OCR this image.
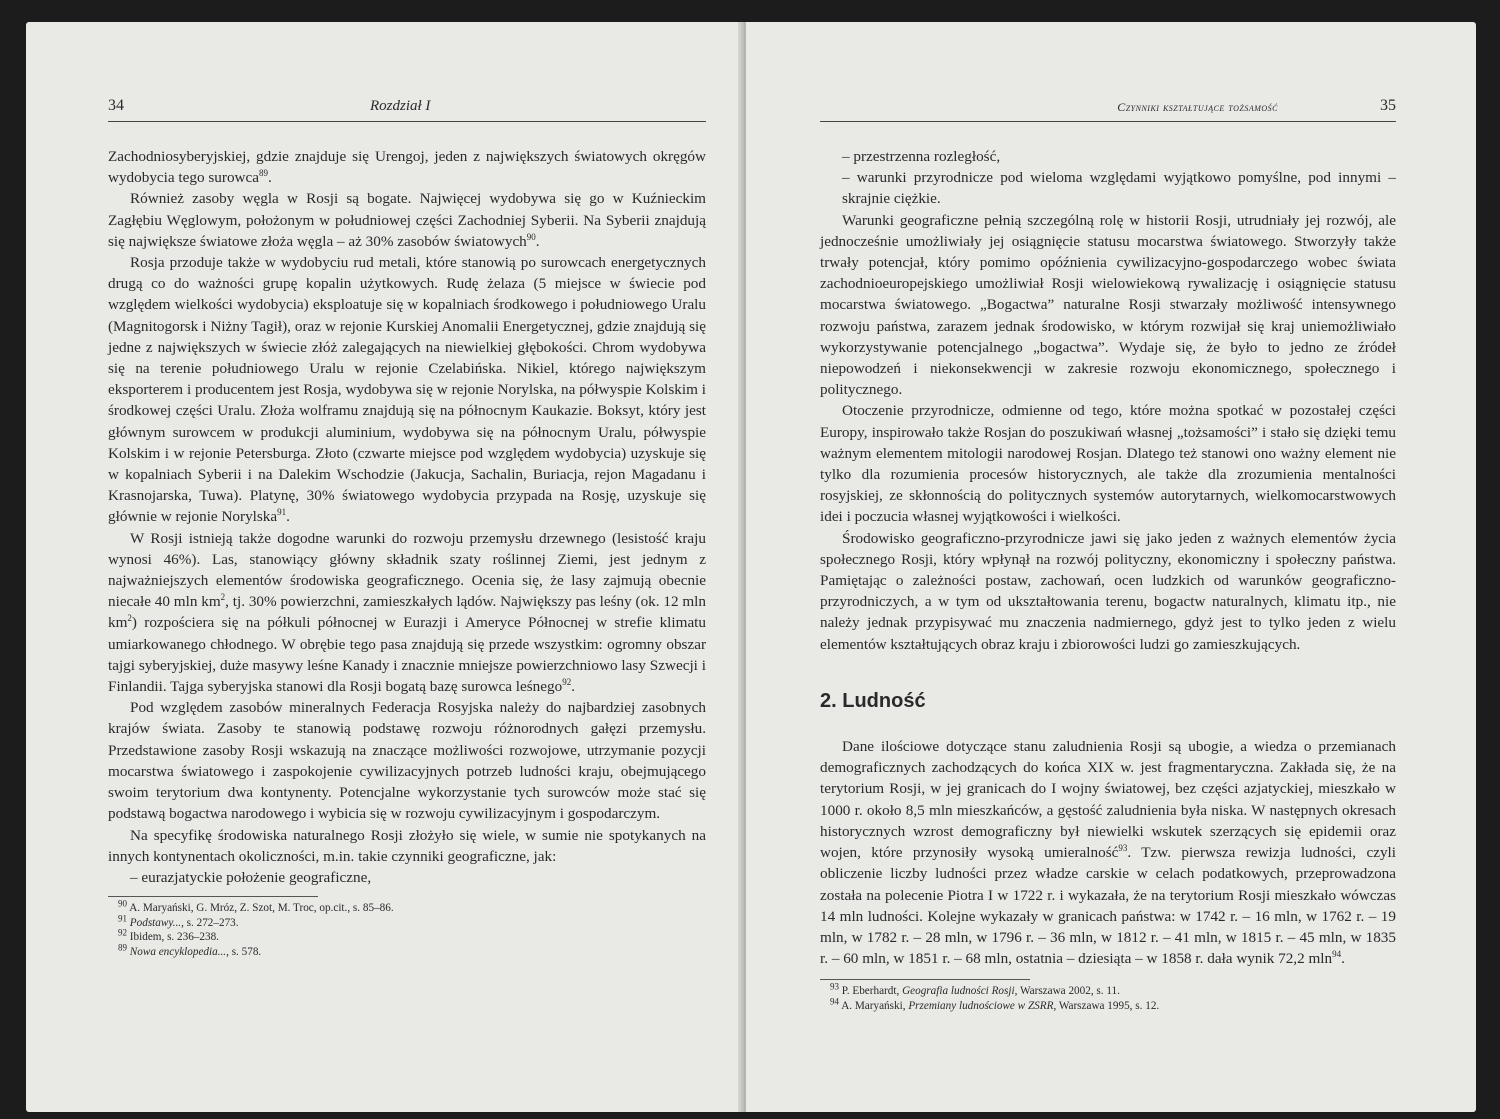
34	Rozdział I

Zachodniosyberyjskiej, gdzie znajduje się Urengoj, jeden z największych światowych okręgów wydobycia tego surowca$^{89}$.

Również zasoby węgla w Rosji są bogate. Najwięcej wydobywa się go w Kuźnieckim Zagłębiu Węglowym, położonym w południowej części Zachodniej Syberii. Na Syberii znajdują się największe światowe złoża węgla – aż 30% zasobów światowych$^{90}$.

Rosja przoduje także w wydobyciu rud metali, które stanowią po surowcach energetycznych drugą co do ważności grupę kopalin użytkowych. Rudę żelaza (5 miejsce w świecie pod względem wielkości wydobycia) eksploatuje się w kopalniach środkowego i południowego Uralu (Magnitogorsk i Niżny Tagił), oraz w rejonie Kurskiej Anomalii Energetycznej, gdzie znajdują się jedne z największych w świecie złóż zalegających na niewielkiej głębokości. Chrom wydobywa się na terenie południowego Uralu w rejonie Czelabińska. Nikiel, którego największym eksporterem i producentem jest Rosja, wydobywa się w rejonie Norylska, na półwyspie Kolskim i środkowej części Uralu. Złoża wolframu znajdują się na północnym Kaukazie. Boksyt, który jest głównym surowcem w produkcji aluminium, wydobywa się na północnym Uralu, półwyspie Kolskim i w rejonie Petersburga. Złoto (czwarte miejsce pod względem wydobycia) uzyskuje się w kopalniach Syberii i na Dalekim Wschodzie (Jakucja, Sachalin, Buriacja, rejon Magadanu i Krasnojarska, Tuwa). Platynę, 30% światowego wydobycia przypada na Rosję, uzyskuje się głównie w rejonie Norylska$^{91}$.

W Rosji istnieją także dogodne warunki do rozwoju przemysłu drzewnego (lesistość kraju wynosi 46%). Las, stanowiący główny składnik szaty roślinnej Ziemi, jest jednym z najważniejszych elementów środowiska geograficznego. Ocenia się, że lasy zajmują obecnie niecałe 40 mln $km^2$, tj. 30% powierzchni, zamieszkałych lądów. Największy pas leśny (ok. 12 mln $km^2$) rozpościera się na półkuli północnej w Eurazji i Ameryce Północnej w strefie klimatu umiarkowanego chłodnego. W obrębie tego pasa znajdują się przede wszystkim: ogromny obszar tajgi syberyjskiej, duże masywy leśne Kanady i znacznie mniejsze powierzchniowo lasy Szwecji i Finlandii. Tajga syberyjska stanowi dla Rosji bogatą bazę surowca leśnego$^{92}$.

Pod względem zasobów mineralnych Federacja Rosyjska należy do najbardziej zasobnych krajów świata. Zasoby te stanowią podstawę rozwoju różnorodnych gałęzi przemysłu. Przedstawione zasoby Rosji wskazują na znaczące możliwości rozwojowe, utrzymanie pozycji mocarstwa światowego i zaspokojenie cywilizacyjnych potrzeb ludności kraju, obejmującego swoim terytorium dwa kontynenty. Potencjalne wykorzystanie tych surowców może stać się podstawą bogactwa narodowego i wybicia się w rozwoju cywilizacyjnym i gospodarczym.

Na specyfikę środowiska naturalnego Rosji złożyło się wiele, w sumie nie spotykanych na innych kontynentach okoliczności, m.in. takie czynniki geograficzne, jak:

– eurazjatyckie położenie geograficzne,

$^{90}$ A. Maryański, G. Mróz, Z. Szot, M. Troc, op.cit., s. 85–86.

$^{91}$ Podstawy..., s. 272–273.

$^{92}$ Ibidem, s. 236–238.

$^{89}$ Nowa encyklopedia..., s. 578.

Czynniki kształtujące tożsamość	35

– przestrzenna rozległość,

– warunki przyrodnicze pod wieloma względami wyjątkowo pomyślne, pod innymi – skrajnie ciężkie.

Warunki geograficzne pełnią szczególną rolę w historii Rosji, utrudniały jej rozwój, ale jednocześnie umożliwiały jej osiągnięcie statusu mocarstwa światowego. Stworzyły także trwały potencjał, który pomimo opóźnienia cywilizacyjno-gospodarczego wobec świata zachodnioeuropejskiego umożliwiał Rosji wielowiekową rywalizację i osiągnięcie statusu mocarstwa światowego. „Bogactwa” naturalne Rosji stwarzały możliwość intensywnego rozwoju państwa, zarazem jednak środowisko, w którym rozwijał się kraj uniemożliwiało wykorzystywanie potencjalnego „bogactwa”. Wydaje się, że było to jedno ze źródeł niepowodzeń i niekonsekwencji w zakresie rozwoju ekonomicznego, społecznego i politycznego.

Otoczenie przyrodnicze, odmienne od tego, które można spotkać w pozostałej części Europy, inspirowało także Rosjan do poszukiwań własnej „tożsamości” i stało się dzięki temu ważnym elementem mitologii narodowej Rosjan. Dlatego też stanowi ono ważny element nie tylko dla rozumienia procesów historycznych, ale także dla zrozumienia mentalności rosyjskiej, ze skłonnością do politycznych systemów autorytarnych, wielkomocarstwowych idei i poczucia własnej wyjątkowości i wielkości.

Środowisko geograficzno-przyrodnicze jawi się jako jeden z ważnych elementów życia społecznego Rosji, który wpłynął na rozwój polityczny, ekonomiczny i społeczny państwa. Pamiętając o zależności postaw, zachowań, ocen ludzkich od warunków geograficzno-przyrodniczych, a w tym od ukształtowania terenu, bogactw naturalnych, klimatu itp., nie należy jednak przypisywać mu znaczenia nadmiernego, gdyż jest to tylko jeden z wielu elementów kształtujących obraz kraju i zbiorowości ludzi go zamieszkujących.

2. Ludność

Dane ilościowe dotyczące stanu zaludnienia Rosji są ubogie, a wiedza o przemianach demograficznych zachodzących do końca XIX w. jest fragmentaryczna. Zakłada się, że na terytorium Rosji, w jej granicach do I wojny światowej, bez części azjatyckiej, mieszkało w 1000 r. około 8,5 mln mieszkańców, a gęstość zaludnienia była niska. W następnych okresach historycznych wzrost demograficzny był niewielki wskutek szerzących się epidemii oraz wojen, które przynosiły wysoką umieralność$^{93}$. Tzw. pierwsza rewizja ludności, czyli obliczenie liczby ludności przez władze carskie w celach podatkowych, przeprowadzona została na polecenie Piotra I w 1722 r. i wykazała, że na terytorium Rosji mieszkało wówczas 14 mln ludności. Kolejne wykazały w granicach państwa: w 1742 r. – 16 mln, w 1762 r. – 19 mln, w 1782 r. – 28 mln, w 1796 r. – 36 mln, w 1812 r. – 41 mln, w 1815 r. – 45 mln, w 1835 r. – 60 mln, w 1851 r. – 68 mln, ostatnia – dziesiąta – w 1858 r. dała wynik 72,2 mln$^{94}$.

$^{93}$ P. Eberhardt, Geografia ludności Rosji, Warszawa 2002, s. 11.

$^{94}$ A. Maryański, Przemiany ludnościowe w ZSRR, Warszawa 1995, s. 12.
